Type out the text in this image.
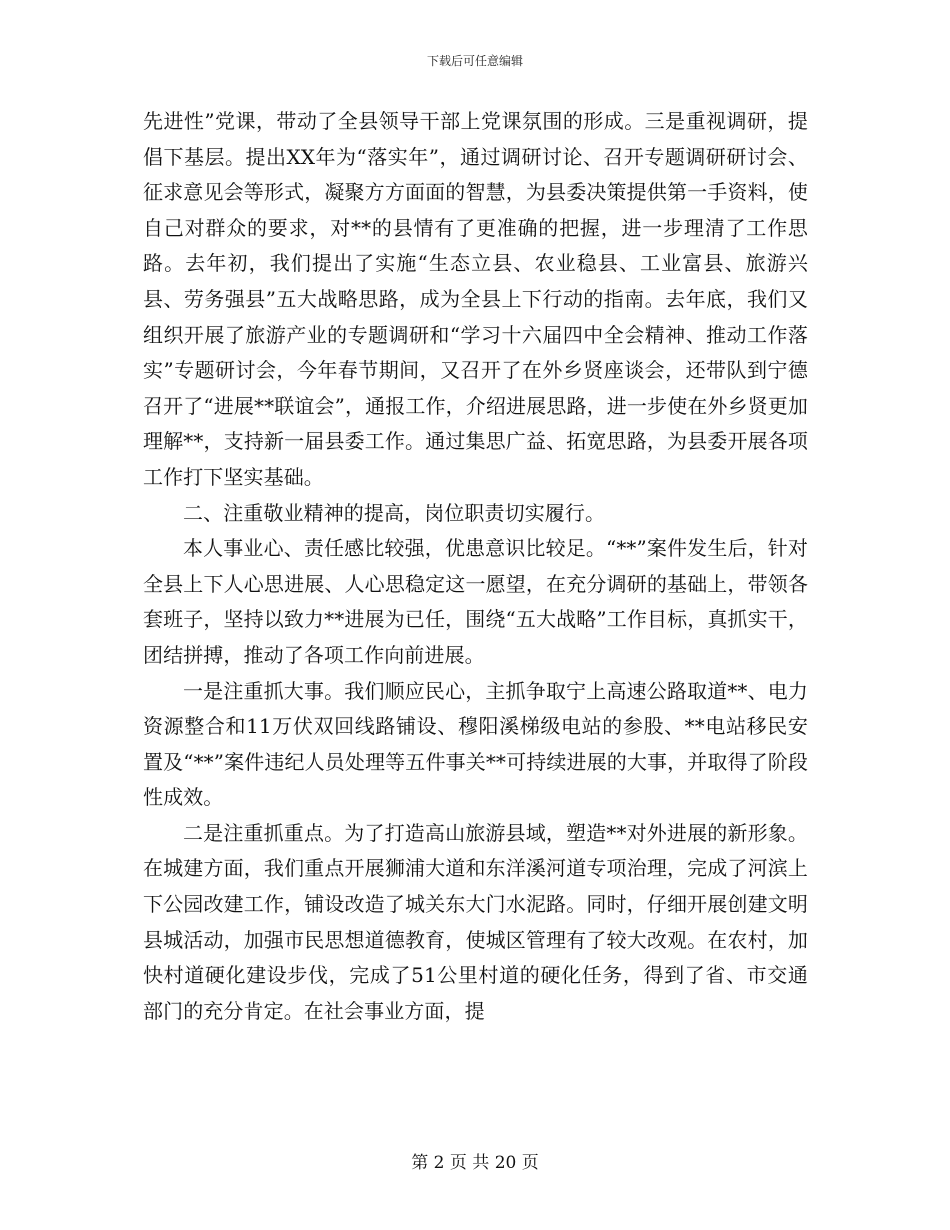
下载后可任意编辑

先进性”党课，带动了全县领导干部上党课氛围的形成。三是重视调研，提倡下基层。提出XX年为“落实年”，通过调研讨论、召开专题调研研讨会、征求意见会等形式，凝聚方方面面的智慧，为县委决策提供第一手资料，使自己对群众的要求，对**的县情有了更准确的把握，进一步理清了工作思路。去年初，我们提出了实施“生态立县、农业稳县、工业富县、旅游兴县、劳务强县”五大战略思路，成为全县上下行动的指南。去年底，我们又组织开展了旅游产业的专题调研和“学习十六届四中全会精神、推动工作落实”专题研讨会，今年春节期间，又召开了在外乡贤座谈会，还带队到宁德召开了“进展**联谊会”，通报工作，介绍进展思路，进一步使在外乡贤更加理解**，支持新一届县委工作。通过集思广益、拓宽思路，为县委开展各项工作打下坚实基础。

二、注重敬业精神的提高，岗位职责切实履行。

本人事业心、责任感比较强，优患意识比较足。“**”案件发生后，针对全县上下人心思进展、人心思稳定这一愿望，在充分调研的基础上，带领各套班子，坚持以致力**进展为已任，围绕“五大战略”工作目标，真抓实干，团结拼搏，推动了各项工作向前进展。

一是注重抓大事。我们顺应民心，主抓争取宁上高速公路取道**、电力资源整合和11万伏双回线路铺设、穆阳溪梯级电站的参股、**电站移民安置及“**”案件违纪人员处理等五件事关**可持续进展的大事，并取得了阶段性成效。

二是注重抓重点。为了打造高山旅游县域，塑造**对外进展的新形象。在城建方面，我们重点开展狮浦大道和东洋溪河道专项治理，完成了河滨上下公园改建工作，铺设改造了城关东大门水泥路。同时，仔细开展创建文明县城活动，加强市民思想道德教育，使城区管理有了较大改观。在农村，加快村道硬化建设步伐，完成了51公里村道的硬化任务，得到了省、市交通部门的充分肯定。在社会事业方面，提

第 2 页 共 20 页
